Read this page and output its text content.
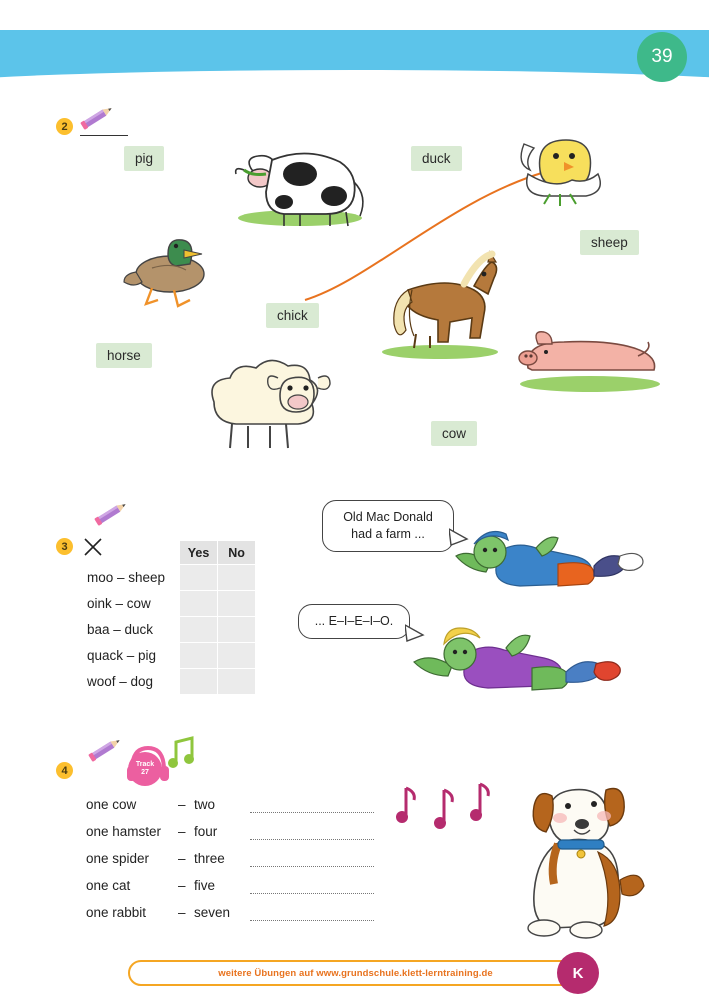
39
2
pig	duck
sheep
chick
horse
cow
3
		Yes	No
moo – sheep		
oink – cow		
baa – duck		
quack – pig		
woof – dog		
Old Mac Donald
had a farm ...
... E–I–E–I–O.
4	Track
27
one cow	– two
one hamster – four
one spider – three
one cat	– five
one rabbit – seven
weitere Übungen auf www.grundschule.klett-lerntraining.de	K
